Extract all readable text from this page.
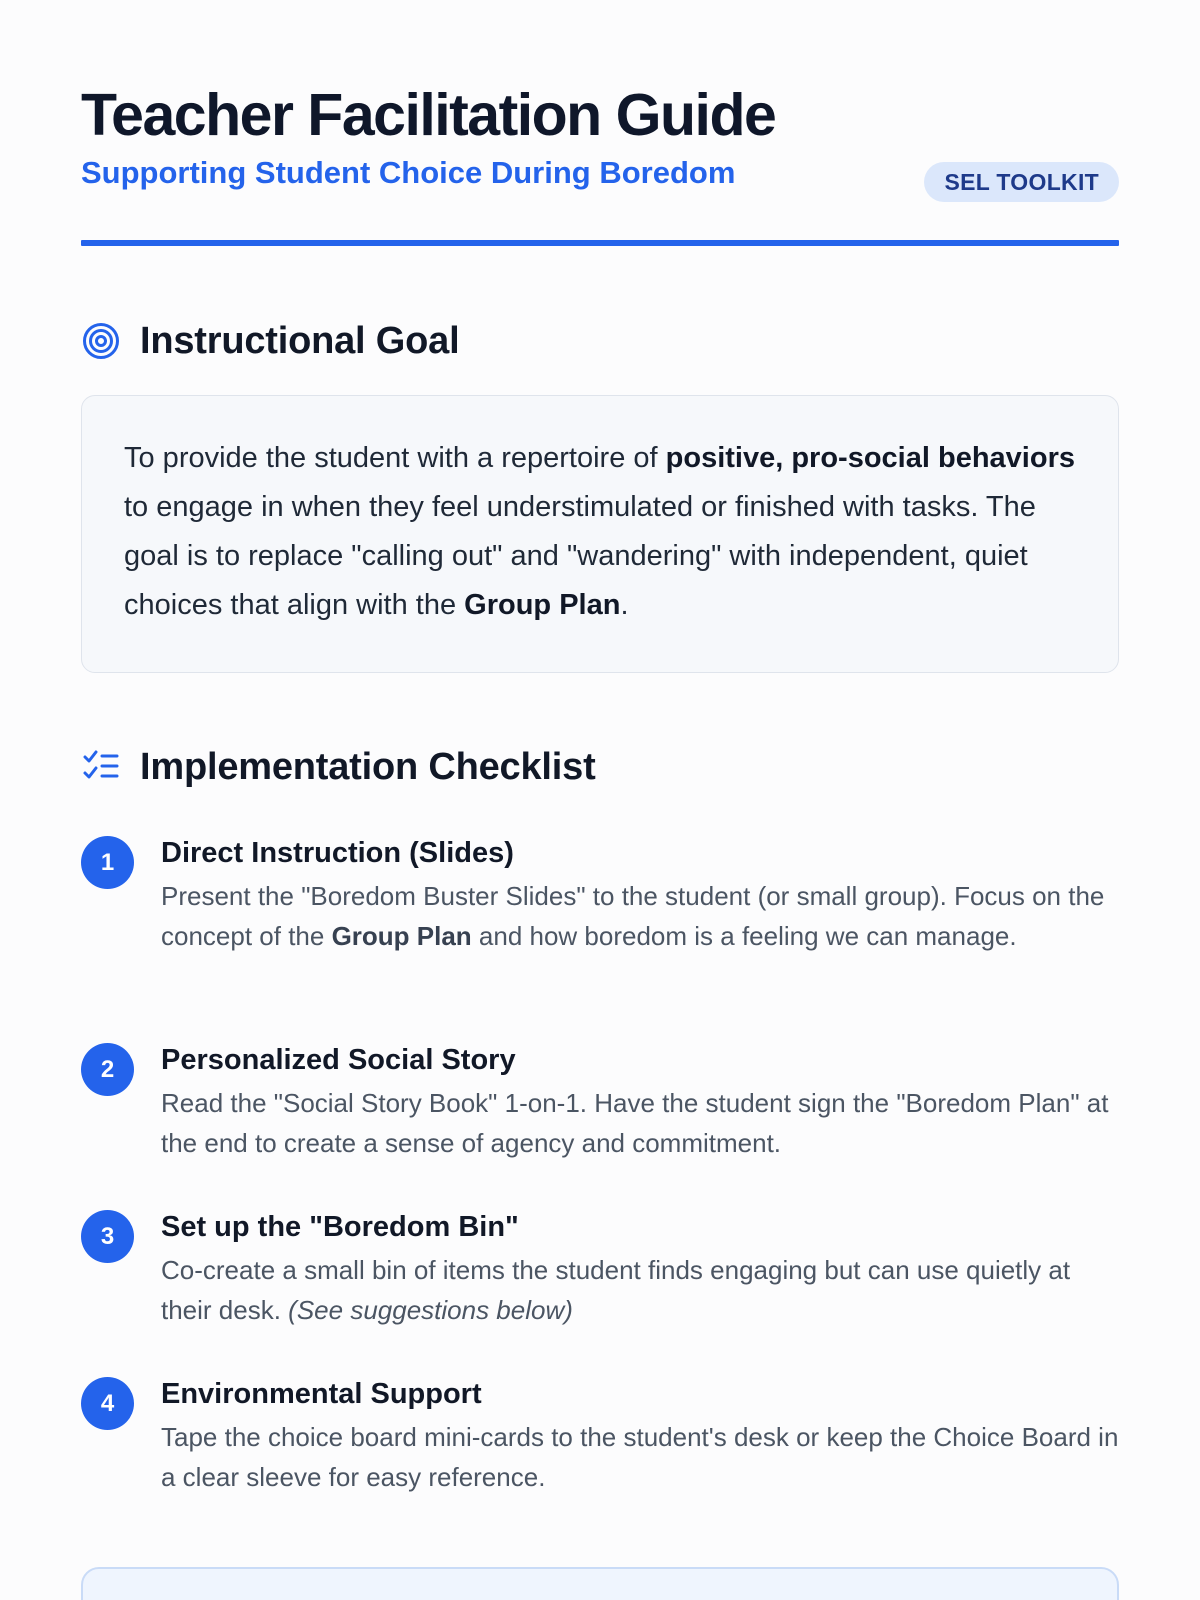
Teacher Facilitation Guide
Supporting Student Choice During Boredom	SEL TOOLKIT
Instructional Goal

To provide the student with a repertoire of positive, pro-social behaviors to engage in when they feel understimulated or finished with tasks. The goal is to replace "calling out" and "wandering" with independent, quiet choices that align with the Group Plan.

Implementation Checklist
1	Direct Instruction (Slides)

Present the "Boredom Buster Slides" to the student (or small group). Focus on the concept of the Group Plan and how boredom is a feeling we can manage.

2	Personalized Social Story

Read the "Social Story Book" 1-on-1. Have the student sign the "Boredom Plan" at the end to create a sense of agency and commitment.

3	Set up the "Boredom Bin"

Co-create a small bin of items the student finds engaging but can use quietly at their desk. (See suggestions below)

4	Environmental Support

Tape the choice board mini-cards to the student's desk or keep the Choice Board in a clear sleeve for easy reference.
